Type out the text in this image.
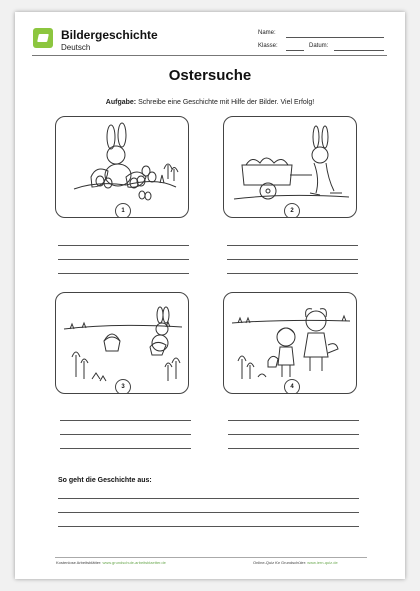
Bildergeschichte
Deutsch
Name:
Klasse:	Datum:
Ostersuche
Aufgabe: Schreibe eine Geschichte mit Hilfe der Bilder. Viel Erfolg!
1	2
3	4
So geht die Geschichte aus:
Kostenlose Arbeitsblätter: www.grundschule-arbeitsblaetter.de	Online-Quiz für Grundschüler: www.iern-quiz.de
